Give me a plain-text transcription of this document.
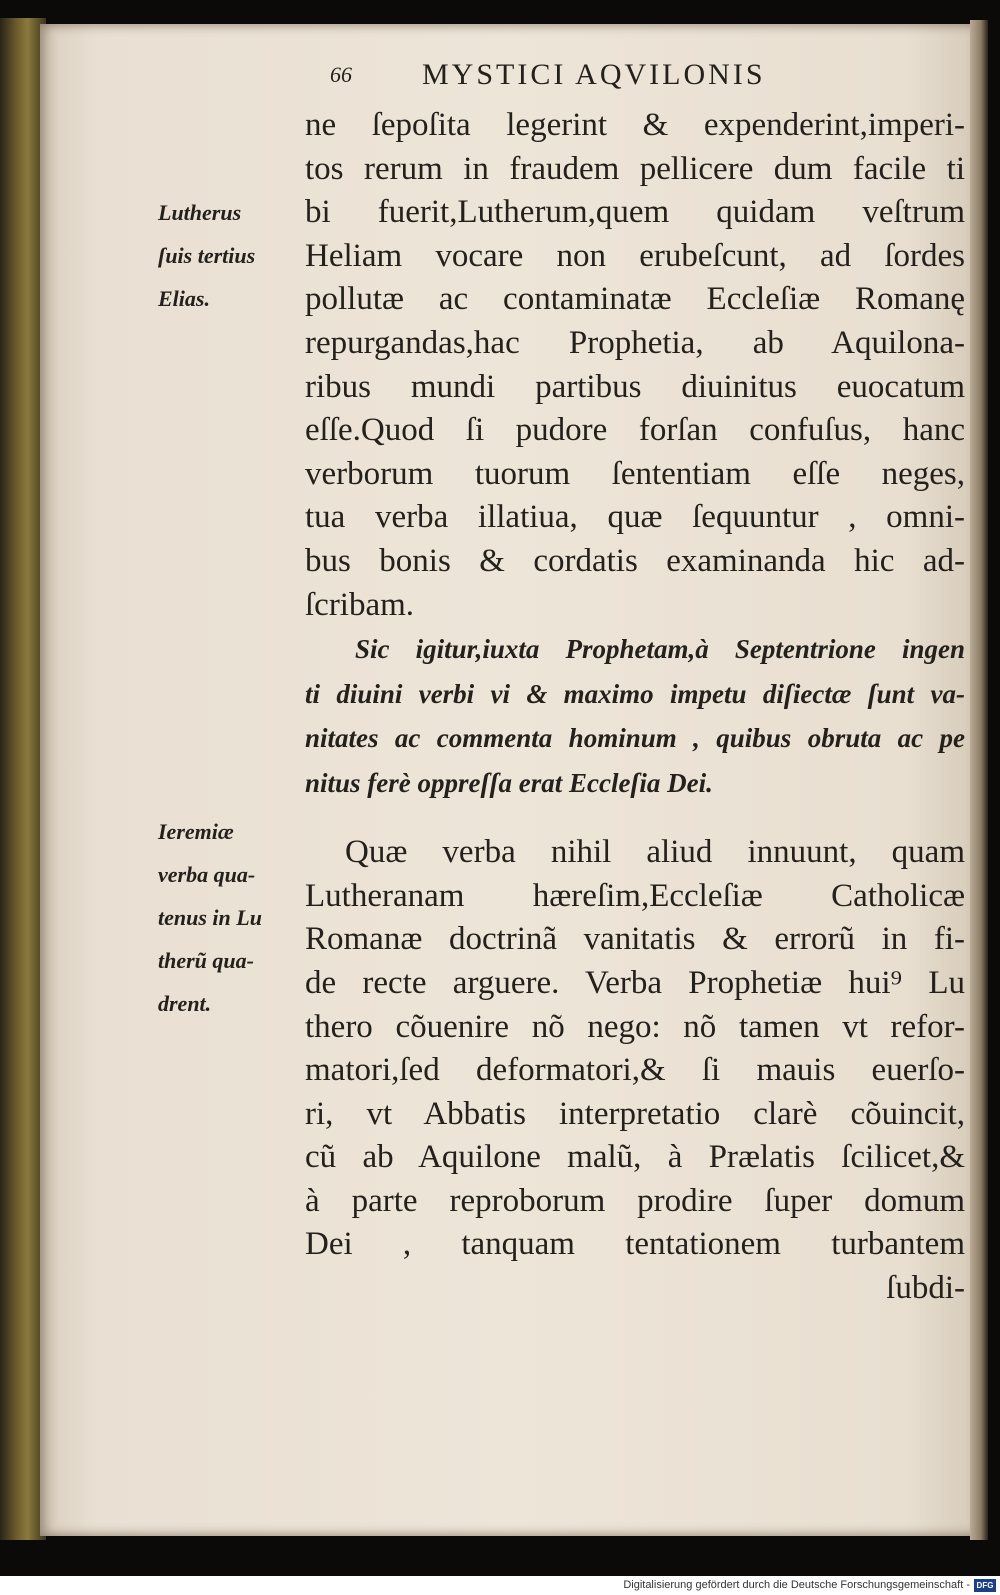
66 MYSTICI AQVILONIS
Lutherus
ſuis tertius
Elias.
Ieremiæ
verba qua-
tenus in Lu
therũ qua-
drent.
ne ſepoſita legerint & expenderint,imperi-
tos rerum in fraudem pellicere dum facile ti
bi fuerit,Lutherum,quem quidam veſtrum
Heliam vocare non erubeſcunt, ad ſordes
pollutæ ac contaminatæ Eccleſiæ Romanę
repurgandas,hac Prophetia, ab Aquilona-
ribus mundi partibus diuinitus euocatum
eſſe.Quod ſi pudore forſan confuſus, hanc
verborum tuorum ſententiam eſſe neges,
tua verba illatiua, quæ ſequuntur , omni-
bus bonis & cordatis examinanda hic ad-
ſcribam.
Sic igitur,iuxta Prophetam,à Septentrione ingen
ti diuini verbi vi & maximo impetu diſiectæ ſunt va-
nitates ac commenta hominum , quibus obruta ac pe
nitus ferè oppreſſa erat Eccleſia Dei.
Quæ verba nihil aliud innuunt, quam
Lutheranam hæreſim,Eccleſiæ Catholicæ
Romanæ doctrinã vanitatis & errorũ in fi-
de recte arguere. Verba Prophetiæ hui⁹ Lu
thero cõuenire nõ nego: nõ tamen vt refor-
matori,ſed deformatori,& ſi mauis euerſo-
ri, vt Abbatis interpretatio clarè cõuincit,
cũ ab Aquilone malũ, à Prælatis ſcilicet,&
à parte reproborum prodire ſuper domum
Dei , tanquam tentationem turbantem
ſubdi-
Digitalisierung gefördert durch die Deutsche Forschungsgemeinschaft - DFG
